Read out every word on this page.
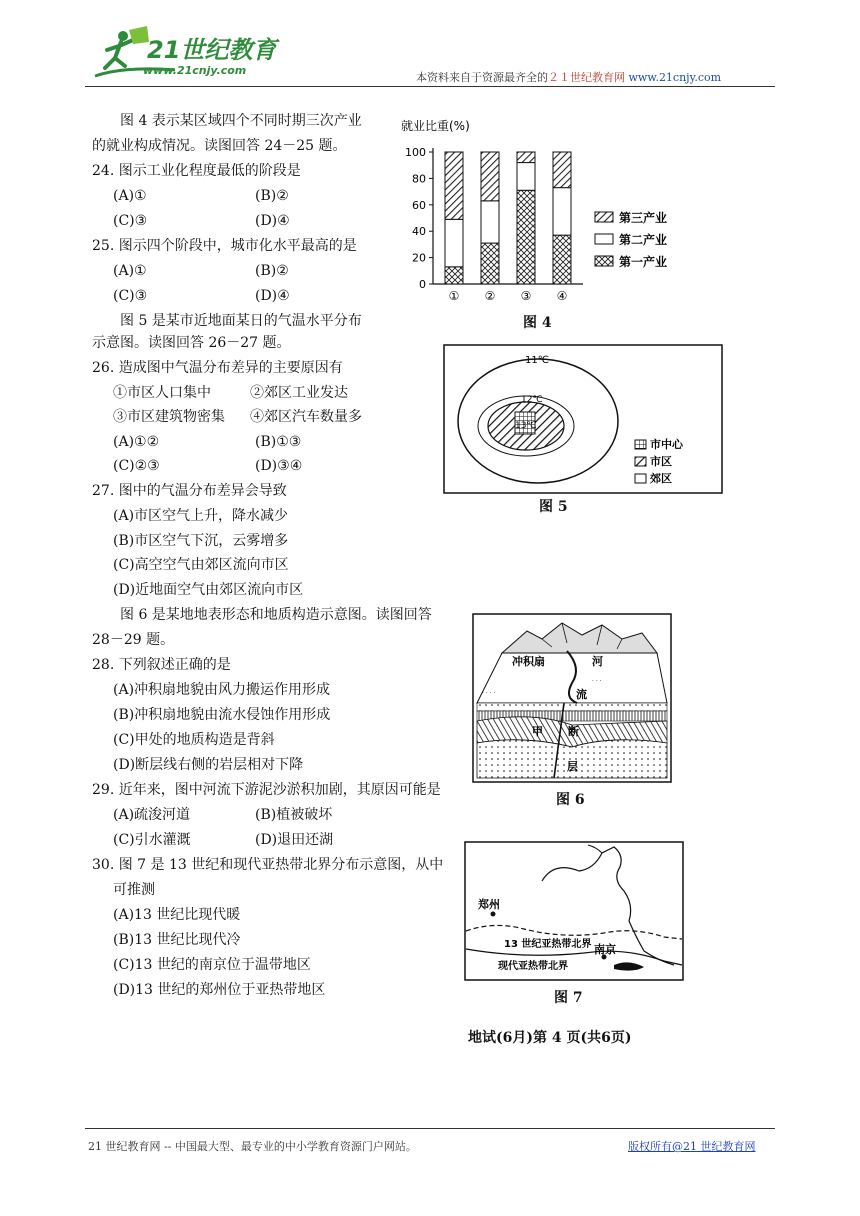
21世纪教育
www.21cnjy.com
本资料来自于资源最齐全的２１世纪教育网 www.21cnjy.com
图 4 表示某区域四个不同时期三次产业
的就业构成情况。读图回答 24－25 题。
24. 图示工业化程度最低的阶段是
(A)①	(B)②
(C)③	(D)④
25. 图示四个阶段中，城市化水平最高的是
(A)①	(B)②
(C)③	(D)④
图 5 是某市近地面某日的气温水平分布
示意图。读图回答 26－27 题。
26. 造成图中气温分布差异的主要原因有
①市区人口集中	②郊区工业发达
③市区建筑物密集 ④郊区汽车数量多
(A)①②	(B)①③
(C)②③	(D)③④
27. 图中的气温分布差异会导致
(A)市区空气上升，降水减少
(B)市区空气下沉，云雾增多
(C)高空空气由郊区流向市区
(D)近地面空气由郊区流向市区
图 6 是某地地表形态和地质构造示意图。读图回答
28－29 题。
28. 下列叙述正确的是
(A)冲积扇地貌由风力搬运作用形成
(B)冲积扇地貌由流水侵蚀作用形成
(C)甲处的地质构造是背斜
(D)断层线右侧的岩层相对下降
29. 近年来，图中河流下游泥沙淤积加剧，其原因可能是
(A)疏浚河道	(B)植被破坏
(C)引水灌溉	(D)退田还湖
30. 图 7 是 13 世纪和现代亚热带北界分布示意图，从中
可推测
(A)13 世纪比现代暖
(B)13 世纪比现代冷
(C)13 世纪的南京位于温带地区
(D)13 世纪的郑州位于亚热带地区
就业比重(%)
0
20
40
60
80
100
① ② ③ ④
第三产业
第二产业
第一产业
图 4
11℃
12℃
13℃
市中心
市区
郊区
图 5
· · · ·
· · ·
冲积扇	河
流
甲 断
层
图 6
郑州
南京
13 世纪亚热带北界
现代亚热带北界
图 7
地试(6月)第 4 页(共6页)
21 世纪教育网 -- 中国最大型、最专业的中小学教育资源门户网站。	版权所有@21 世纪教育网
